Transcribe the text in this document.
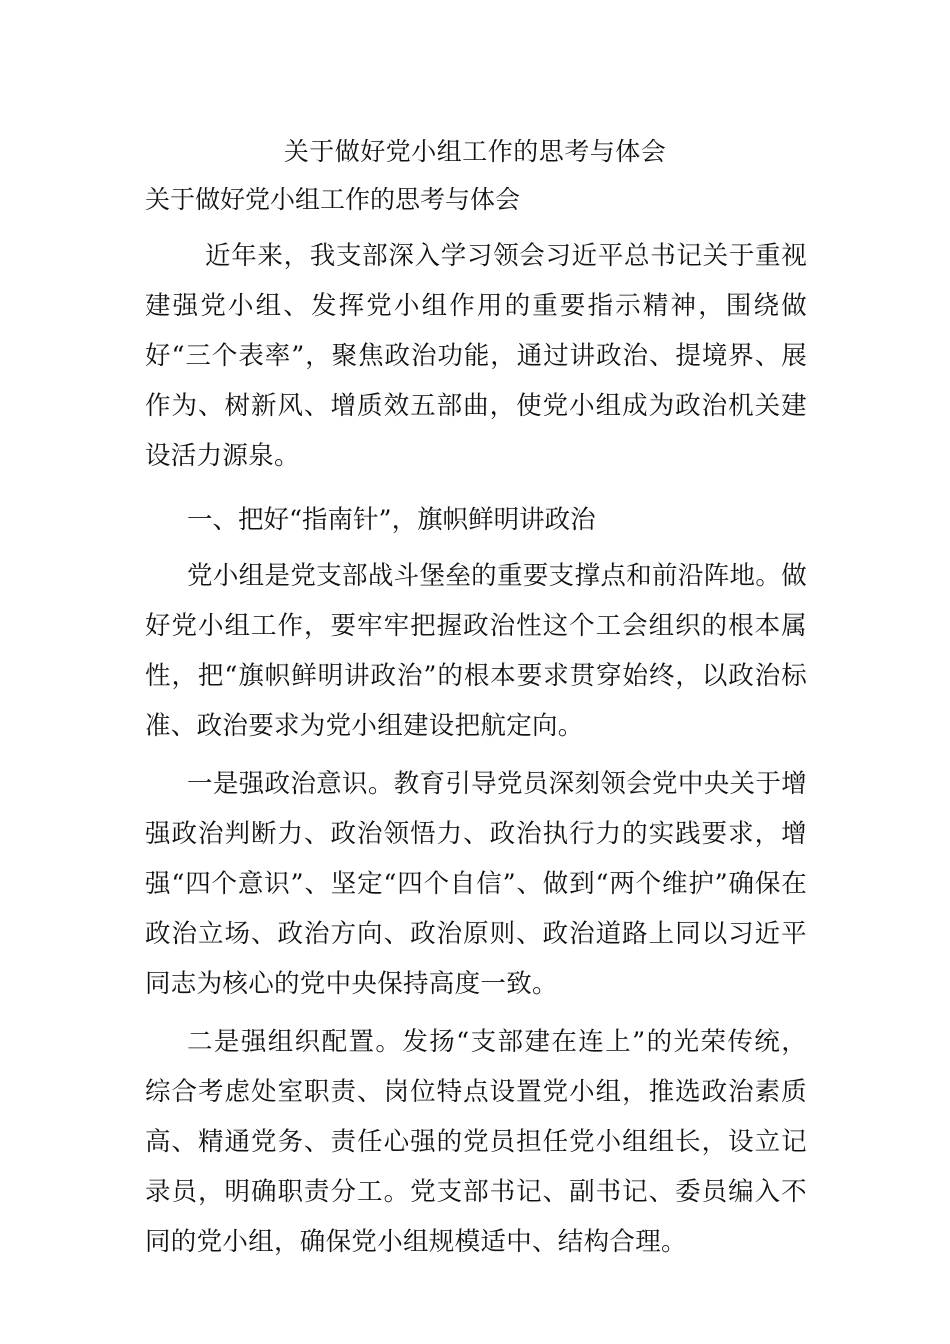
关于做好党小组工作的思考与体会
关于做好党小组工作的思考与体会

近年来，我支部深入学习领会习近平总书记关于重视建强党小组、发挥党小组作用的重要指示精神，围绕做好“三个表率”，聚焦政治功能，通过讲政治、提境界、展作为、树新风、增质效五部曲，使党小组成为政治机关建设活力源泉。

一、把好“指南针”，旗帜鲜明讲政治

党小组是党支部战斗堡垒的重要支撑点和前沿阵地。做好党小组工作，要牢牢把握政治性这个工会组织的根本属性，把“旗帜鲜明讲政治”的根本要求贯穿始终，以政治标准、政治要求为党小组建设把航定向。

一是强政治意识。教育引导党员深刻领会党中央关于增强政治判断力、政治领悟力、政治执行力的实践要求，增强“四个意识”、坚定“四个自信”、做到“两个维护”确保在政治立场、政治方向、政治原则、政治道路上同以习近平同志为核心的党中央保持高度一致。

二是强组织配置。发扬“支部建在连上”的光荣传统，综合考虑处室职责、岗位特点设置党小组，推选政治素质高、精通党务、责任心强的党员担任党小组组长，设立记录员，明确职责分工。党支部书记、副书记、委员编入不同的党小组，确保党小组规模适中、结构合理。
